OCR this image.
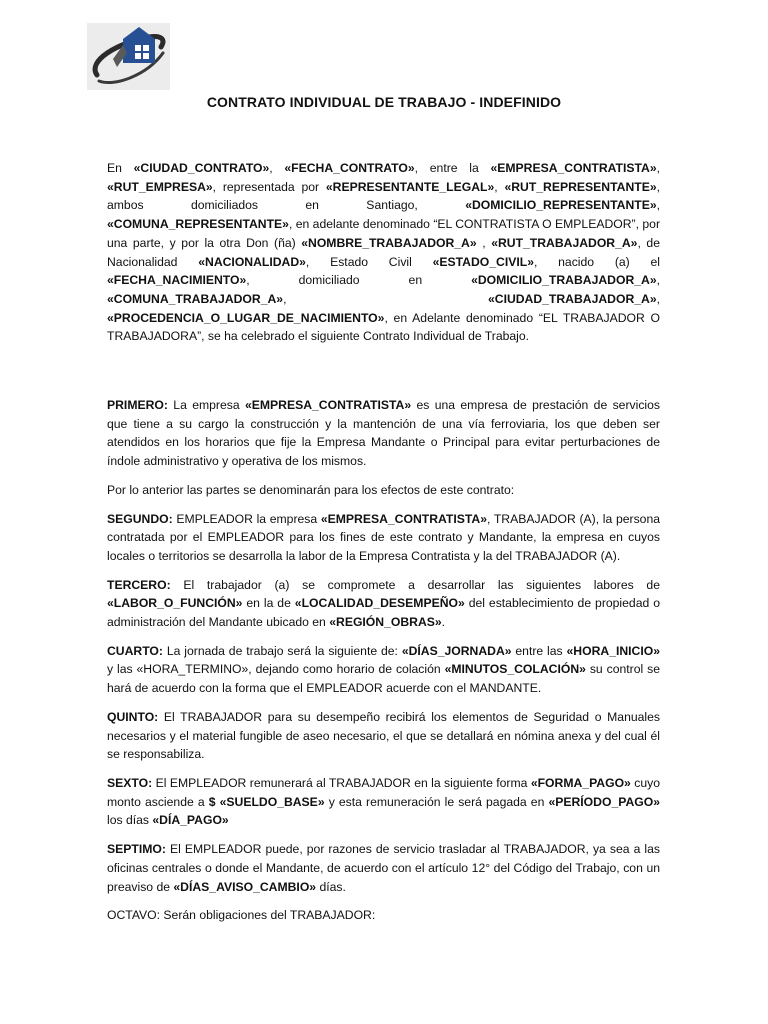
CONTRATO INDIVIDUAL DE TRABAJO - INDEFINIDO

En «CIUDAD_CONTRATO», «FECHA_CONTRATO», entre la «EMPRESA_CONTRATISTA», «RUT_EMPRESA», representada por «REPRESENTANTE_LEGAL», «RUT_REPRESENTANTE», ambos domiciliados en Santiago, «DOMICILIO_REPRESENTANTE», «COMUNA_REPRESENTANTE», en adelante denominado “EL CONTRATISTA O EMPLEADOR”, por una parte, y por la otra Don (ña) «NOMBRE_TRABAJADOR_A» , «RUT_TRABAJADOR_A», de Nacionalidad «NACIONALIDAD», Estado Civil «ESTADO_CIVIL», nacido (a) el «FECHA_NACIMIENTO», domiciliado en «DOMICILIO_TRABAJADOR_A», «COMUNA_TRABAJADOR_A», «CIUDAD_TRABAJADOR_A», «PROCEDENCIA_O_LUGAR_DE_NACIMIENTO», en Adelante denominado “EL TRABAJADOR O TRABAJADORA”, se ha celebrado el siguiente Contrato Individual de Trabajo.

PRIMERO: La empresa «EMPRESA_CONTRATISTA» es una empresa de prestación de servicios que tiene a su cargo la construcción y la mantención de una vía ferroviaria, los que deben ser atendidos en los horarios que fije la Empresa Mandante o Principal para evitar perturbaciones de índole administrativo y operativa de los mismos.

Por lo anterior las partes se denominarán para los efectos de este contrato:

SEGUNDO: EMPLEADOR la empresa «EMPRESA_CONTRATISTA», TRABAJADOR (A), la persona contratada por el EMPLEADOR para los fines de este contrato y Mandante, la empresa en cuyos locales o territorios se desarrolla la labor de la Empresa Contratista y la del TRABAJADOR (A).

TERCERO: El trabajador (a) se compromete a desarrollar las siguientes labores de «LABOR_O_FUNCIÓN» en la de «LOCALIDAD_DESEMPEÑO» del establecimiento de propiedad o administración del Mandante ubicado en «REGIÓN_OBRAS».

CUARTO: La jornada de trabajo será la siguiente de: «DÍAS_JORNADA» entre las «HORA_INICIO» y las «HORA_TERMINO», dejando como horario de colación «MINUTOS_COLACIÓN» su control se hará de acuerdo con la forma que el EMPLEADOR acuerde con el MANDANTE.

QUINTO: El TRABAJADOR para su desempeño recibirá los elementos de Seguridad o Manuales necesarios y el material fungible de aseo necesario, el que se detallará en nómina anexa y del cual él se responsabiliza.

SEXTO: El EMPLEADOR remunerará al TRABAJADOR en la siguiente forma «FORMA_PAGO» cuyo monto asciende a $ «SUELDO_BASE» y esta remuneración le será pagada en «PERÍODO_PAGO» los días «DÍA_PAGO»

SEPTIMO: El EMPLEADOR puede, por razones de servicio trasladar al TRABAJADOR, ya sea a las oficinas centrales o donde el Mandante, de acuerdo con el artículo 12° del Código del Trabajo, con un preaviso de «DÍAS_AVISO_CAMBIO» días.

OCTAVO: Serán obligaciones del TRABAJADOR:
